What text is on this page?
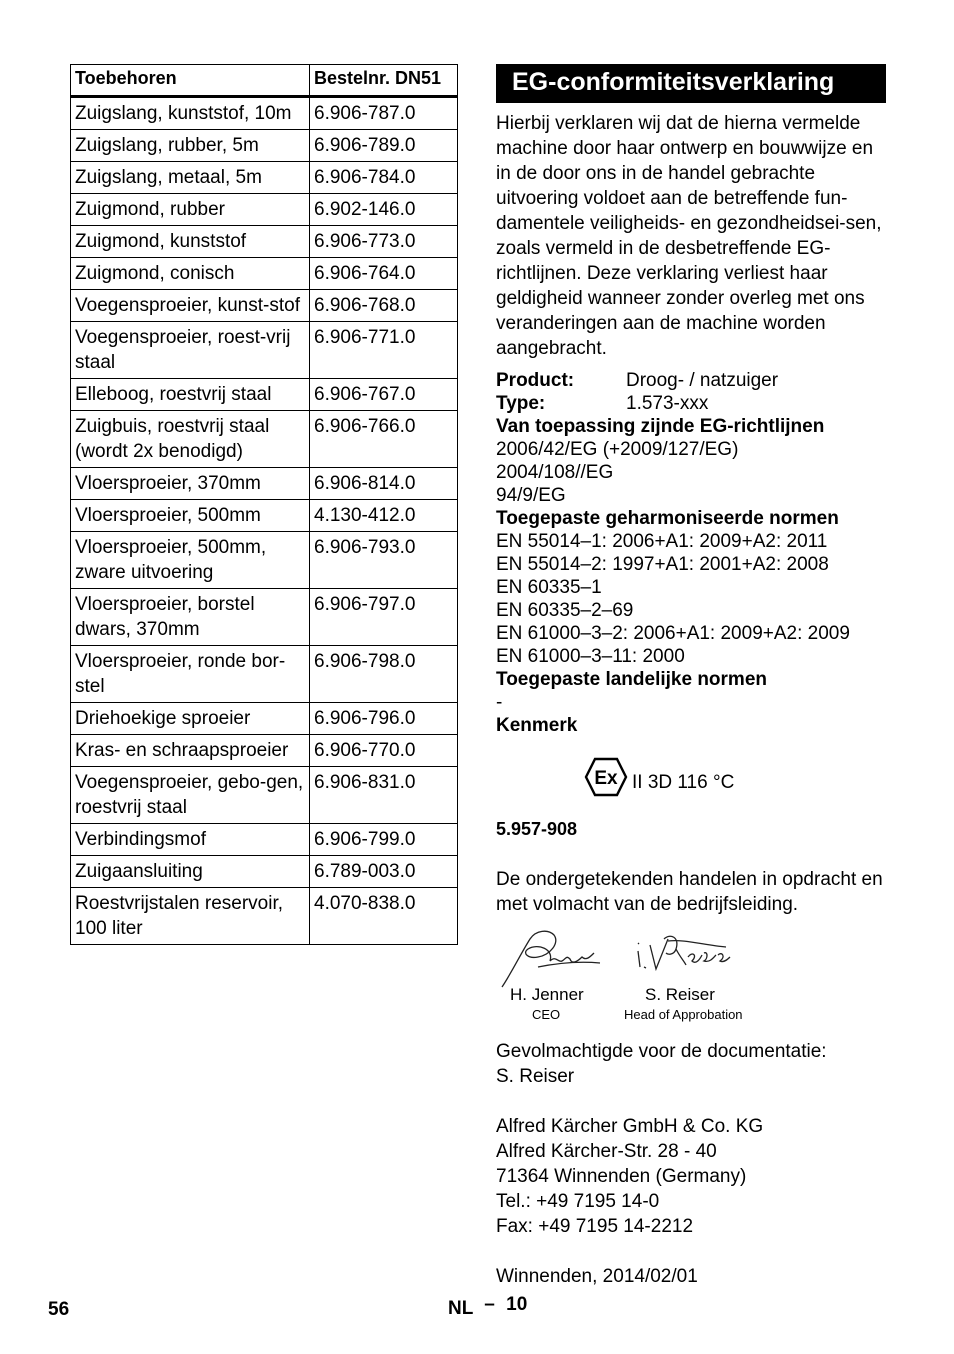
Toebehoren	Bestelnr. DN51
Zuigslang, kunststof, 10m	6.906-787.0
Zuigslang, rubber, 5m	6.906-789.0
Zuigslang, metaal, 5m	6.906-784.0
Zuigmond, rubber	6.902-146.0
Zuigmond, kunststof	6.906-773.0
Zuigmond, conisch	6.906-764.0
Voegensproeier, kunst-stof	6.906-768.0
Voegensproeier, roest-vrij staal	6.906-771.0
Elleboog, roestvrij staal	6.906-767.0
Zuigbuis, roestvrij staal (wordt 2x benodigd)	6.906-766.0
Vloersproeier, 370mm	6.906-814.0
Vloersproeier, 500mm	4.130-412.0
Vloersproeier, 500mm, zware uitvoering	6.906-793.0
Vloersproeier, borstel dwars, 370mm	6.906-797.0
Vloersproeier, ronde bor-stel	6.906-798.0
Driehoekige sproeier	6.906-796.0
Kras- en schraapsproeier	6.906-770.0
Voegensproeier, gebo-gen, roestvrij staal	6.906-831.0
Verbindingsmof	6.906-799.0
Zuigaansluiting	6.789-003.0
Roestvrijstalen reservoir, 100 liter	4.070-838.0
EG-conformiteitsverklaring
Hierbij verklaren wij dat de hierna vermelde machine door haar ontwerp en bouwwijze en in de door ons in de handel gebrachte uitvoering voldoet aan de betreffende fun-damentele veiligheids- en gezondheidsei-sen, zoals vermeld in de desbetreffende EG-richtlijnen. Deze verklaring verliest haar geldigheid wanneer zonder overleg met ons veranderingen aan de machine worden aangebracht.
Product:	Droog- / natzuiger
Type:	1.573-xxx
Van toepassing zijnde EG-richtlijnen
2006/42/EG (+2009/127/EG)
2004/108//EG
94/9/EG
Toegepaste geharmoniseerde normen
EN 55014–1: 2006+A1: 2009+A2: 2011
EN 55014–2: 1997+A1: 2001+A2: 2008
EN 60335–1
EN 60335–2–69
EN 61000–3–2: 2006+A1: 2009+A2: 2009
EN 61000–3–11: 2000
Toegepaste landelijke normen
-
Kenmerk
Ex II 3D 116 °C
5.957-908
De ondergetekenden handelen in opdracht en met volmacht van de bedrijfsleiding.
H. Jenner
CEO
S. Reiser
Head of Approbation
Gevolmachtigde voor de documentatie:
S. Reiser
Alfred Kärcher GmbH & Co. KG
Alfred Kärcher-Str. 28 - 40
71364 Winnenden (Germany)
Tel.: +49 7195 14-0
Fax: +49 7195 14-2212
Winnenden, 2014/02/01
56	NL – 10
